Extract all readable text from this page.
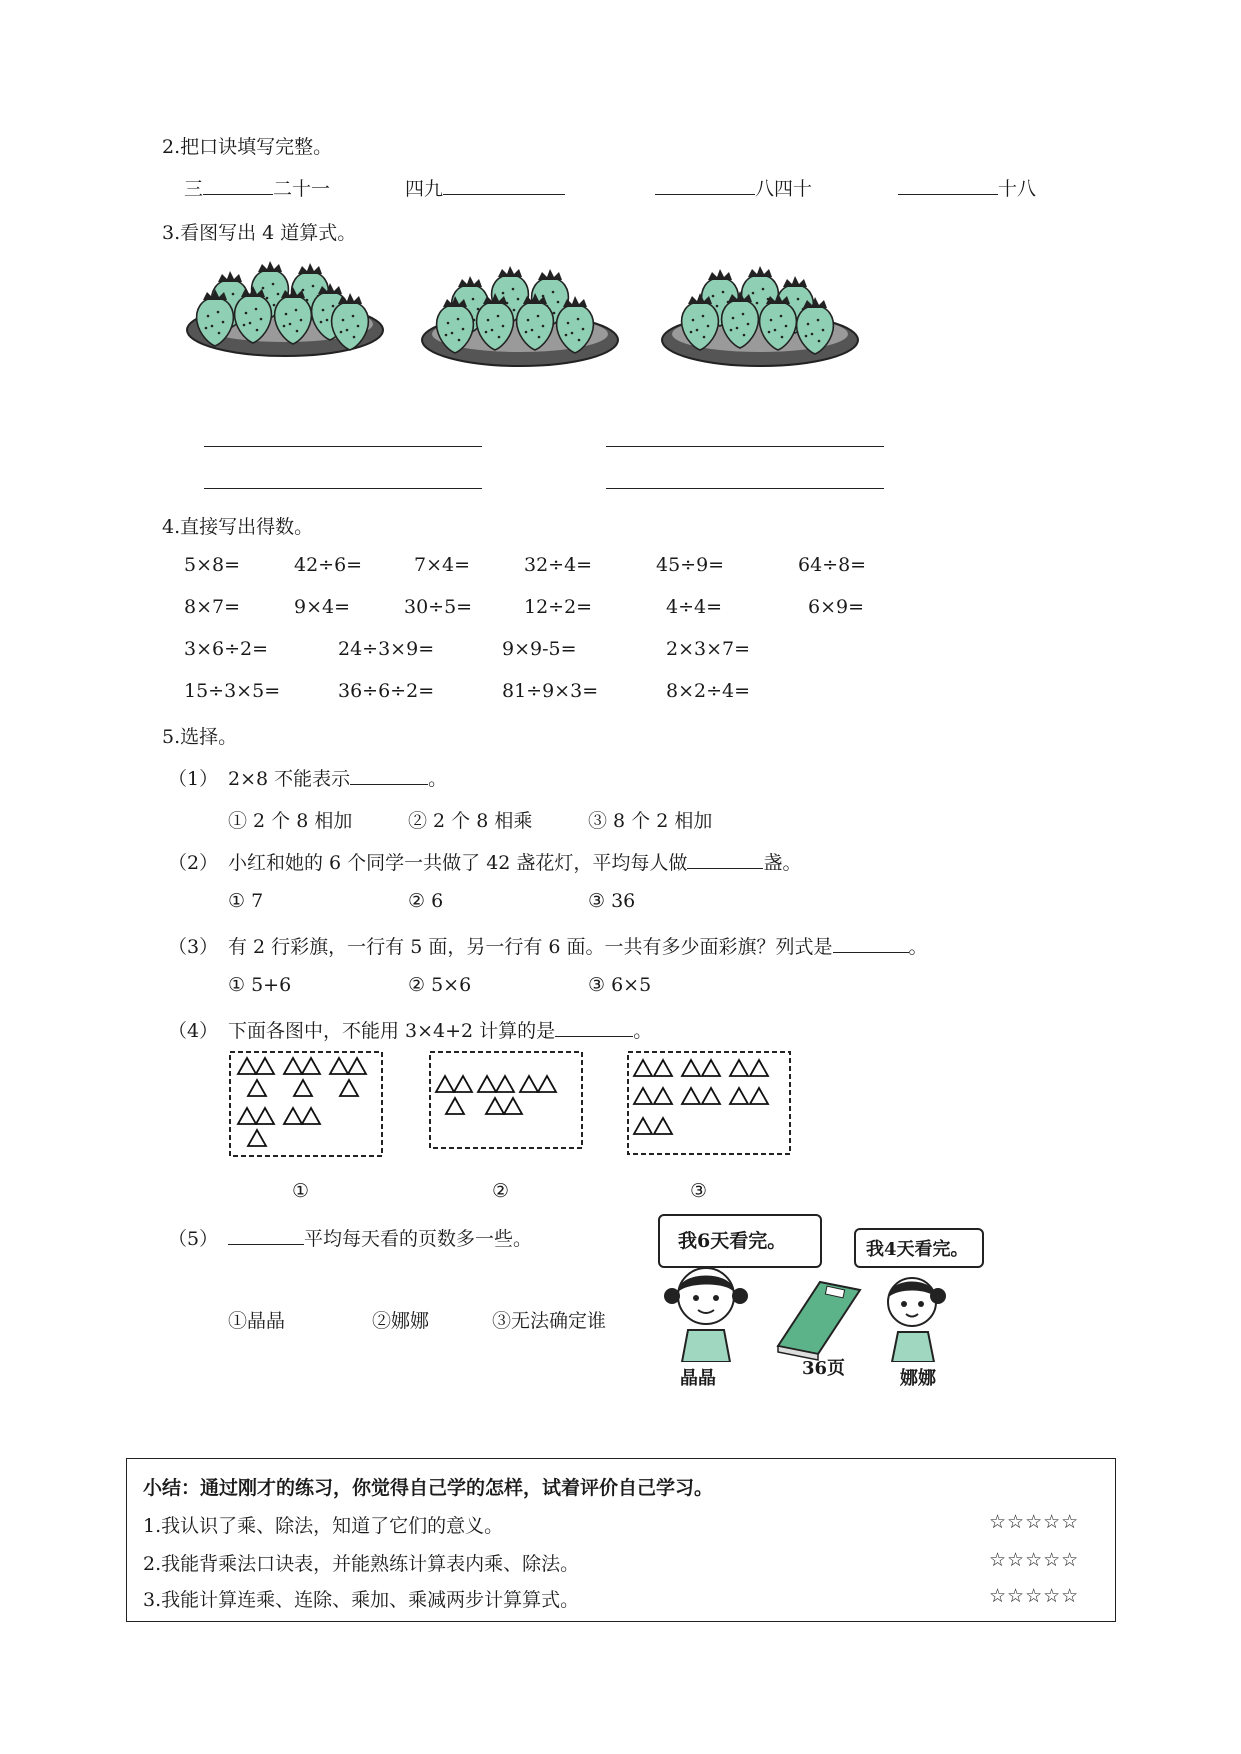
2.把口诀填写完整。
三	二十一	四九	八四十	十八
3.看图写出 4 道算式。
4.直接写出得数。
5×8=	42÷6=	7×4=	32÷4=	45÷9=	64÷8=
8×7=	9×4=	30÷5=	12÷2=	4÷4=	6×9=
3×6÷2=	24÷3×9=	9×9-5=	2×3×7=
15÷3×5=	36÷6÷2=	81÷9×3=	8×2÷4=
5.选择。
（1） 2×8 不能表示	。
① 2 个 8 相加	② 2 个 8 相乘	③ 8 个 2 相加
（2） 小红和她的 6 个同学一共做了 42 盏花灯，平均每人做	盏。
① 7	② 6	③ 36
（3） 有 2 行彩旗，一行有 5 面，另一行有 6 面。一共有多少面彩旗？列式是	。
① 5+6	② 5×6	③ 6×5
（4） 下面各图中，不能用 3×4+2 计算的是	。
①	②	③
（5）	平均每天看的页数多一些。
①晶晶	②娜娜	③无法确定谁
我6天看完。	我4天看完。
晶晶	36页	娜娜
小结：通过刚才的练习，你觉得自己学的怎样，试着评价自己学习。
1.我认识了乘、除法，知道了它们的意义。	☆☆☆☆☆
2.我能背乘法口诀表，并能熟练计算表内乘、除法。	☆☆☆☆☆
3.我能计算连乘、连除、乘加、乘减两步计算算式。	☆☆☆☆☆
